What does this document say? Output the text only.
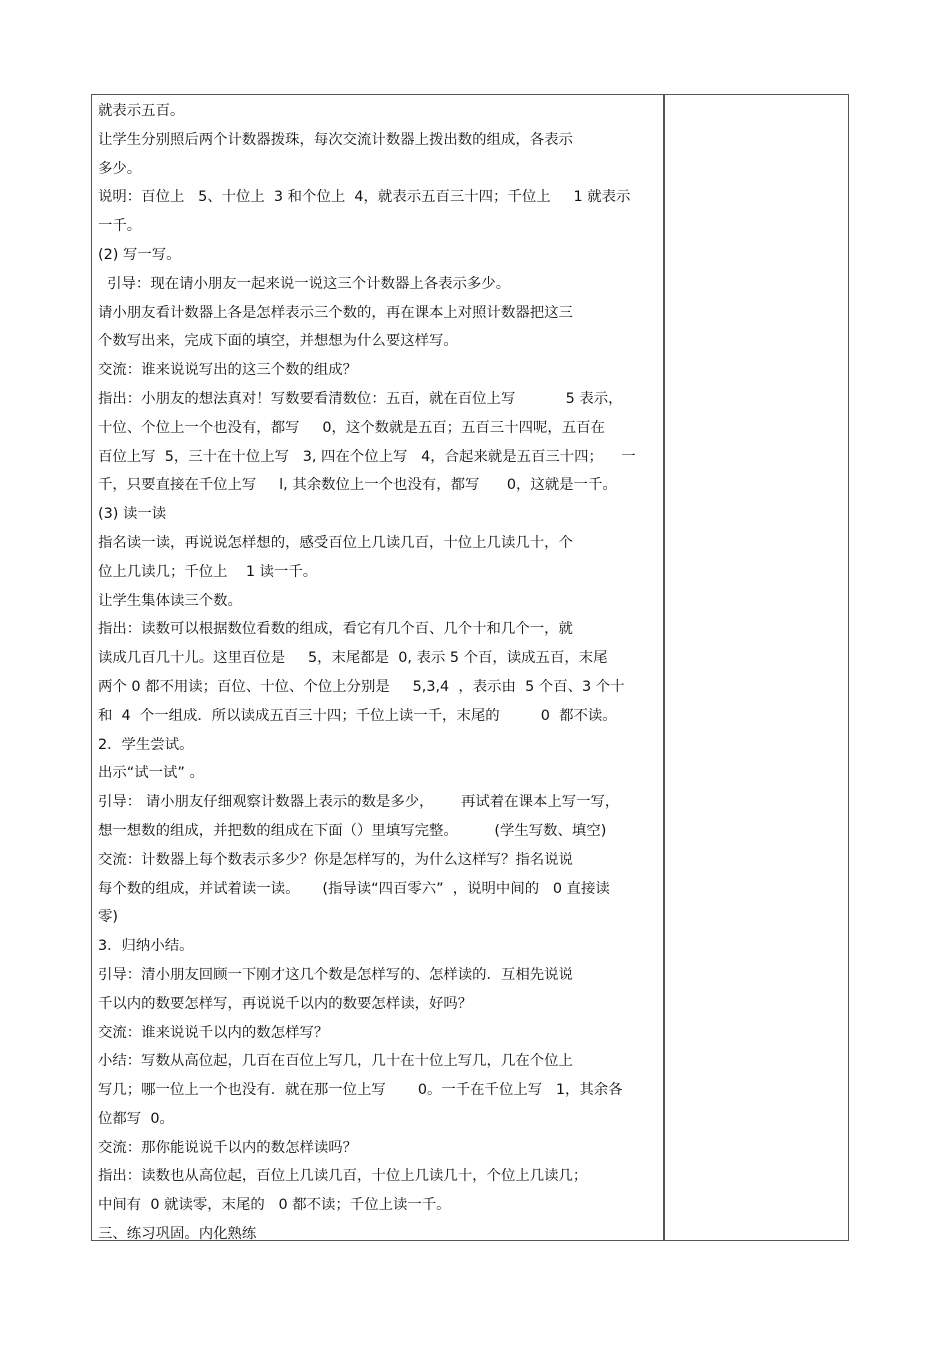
就表示五百。
让学生分别照后两个计数器拨珠，每次交流计数器上拨出数的组成，各表示
多少。
说明：百位上   5、十位上  3 和个位上  4，就表示五百三十四；千位上     1 就表示
一千。
(2) 写一写。
引导：现在请小朋友一起来说一说这三个计数器上各表示多少。
请小朋友看计数器上各是怎样表示三个数的，再在课本上对照计数器把这三
个数写出来，完成下面的填空，并想想为什么要这样写。
交流：谁来说说写出的这三个数的组成？
指出：小朋友的想法真对！写数要看清数位：五百，就在百位上写           5 表示，
十位、个位上一个也没有，都写     0，这个数就是五百；五百三十四呢，五百在
百位上写  5，三十在十位上写   3, 四在个位上写   4，合起来就是五百三十四；    一
千，只要直接在千位上写     l, 其余数位上一个也没有，都写      0，这就是一千。
(3) 读一读
指名读一读，再说说怎样想的，感受百位上几读几百，十位上几读几十，个
位上几读几；千位上    1 读一千。
让学生集体读三个数。
指出：读数可以根据数位看数的组成，看它有几个百、几个十和几个一，就
读成几百几十儿。这里百位是     5，末尾都是  0, 表示 5 个百，读成五百，末尾
两个 0 都不用读；百位、十位、个位上分别是     5,3,4  ，表示由  5 个百、3 个十
和  4  个一组成．所以读成五百三十四；千位上读一千，末尾的         0  都不读。
2．学生尝试。
出示“试一试” 。
引导： 请小朋友仔细观察计数器上表示的数是多少，      再试着在课本上写一写，
想一想数的组成，并把数的组成在下面（）里填写完整。        (学生写数、填空)
交流：计数器上每个数表示多少？你是怎样写的，为什么这样写？指名说说
每个数的组成，并试着读一读。     (指导读“四百零六”  ，说明中间的   0 直接读
零)
3．归纳小结。
引导：清小朋友回顾一下刚才这几个数是怎样写的、怎样读的．互相先说说
千以内的数要怎样写，再说说千以内的数要怎样读，好吗？
交流：谁来说说千以内的数怎样写？
小结：写数从高位起，几百在百位上写几，几十在十位上写几，几在个位上
写几；哪一位上一个也没有．就在那一位上写       0。一千在千位上写   1，其余各
位都写  0。
交流：那你能说说千以内的数怎样读吗？
指出：读数也从高位起，百位上几读几百，十位上几读几十，个位上几读几；
中间有  0 就读零，末尾的   0 都不读；千位上读一千。
三、练习巩固。内化熟练
